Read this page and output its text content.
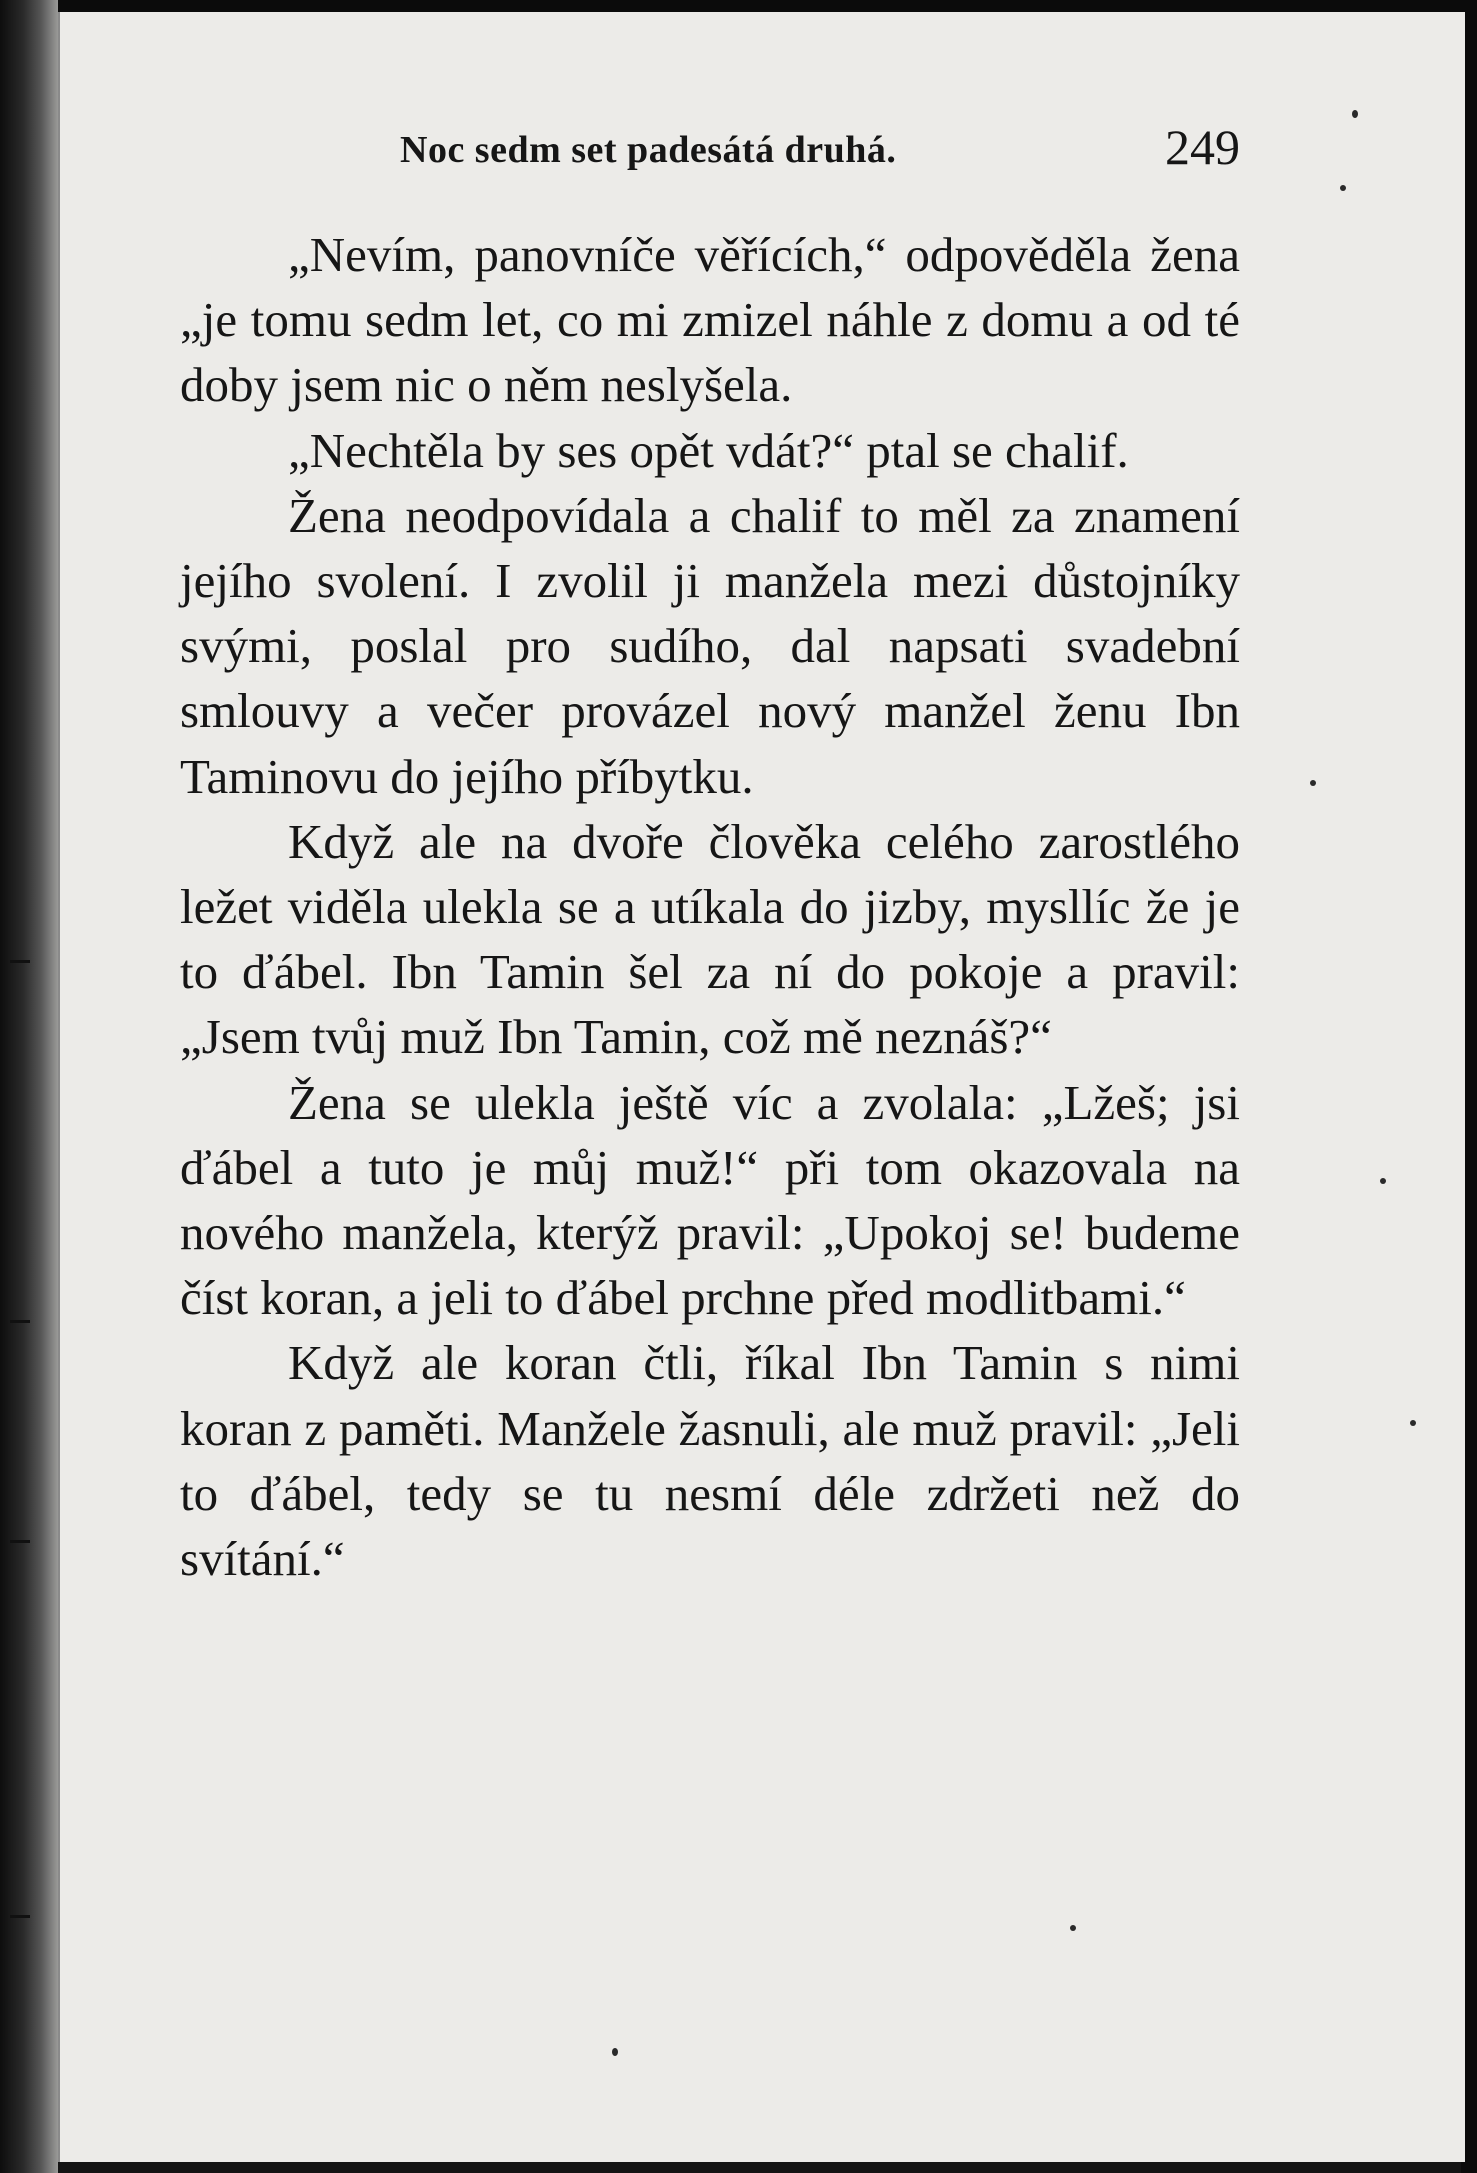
Noc sedm set padesátá druhá.	249

„Nevím, panovníče věřících,“ odpověděla žena „je tomu sedm let, co mi zmizel náhle z domu a od té doby jsem nic o něm neslyšela.

„Nechtěla by ses opět vdát?“ ptal se chalif.

Žena neodpovídala a chalif to měl za znamení jejího svolení. I zvolil ji manžela mezi důstojníky svými, poslal pro sudího, dal napsati svadební smlouvy a večer provázel nový manžel ženu Ibn Taminovu do jejího příbytku.

Když ale na dvoře člověka celého zarostlého ležet viděla ulekla se a utíkala do jizby, mysllíc že je to ďábel. Ibn Tamin šel za ní do pokoje a pravil: „Jsem tvůj muž Ibn Tamin, což mě neznáš?“

Žena se ulekla ještě víc a zvolala: „Lžeš; jsi ďábel a tuto je můj muž!“ při tom okazovala na nového manžela, kterýž pravil: „Upokoj se! budeme číst koran, a jeli to ďábel prchne před modlitbami.“

Když ale koran čtli, říkal Ibn Tamin s nimi koran z paměti. Manžele žasnuli, ale muž pravil: „Jeli to ďábel, tedy se tu nesmí déle zdržeti než do svítání.“
